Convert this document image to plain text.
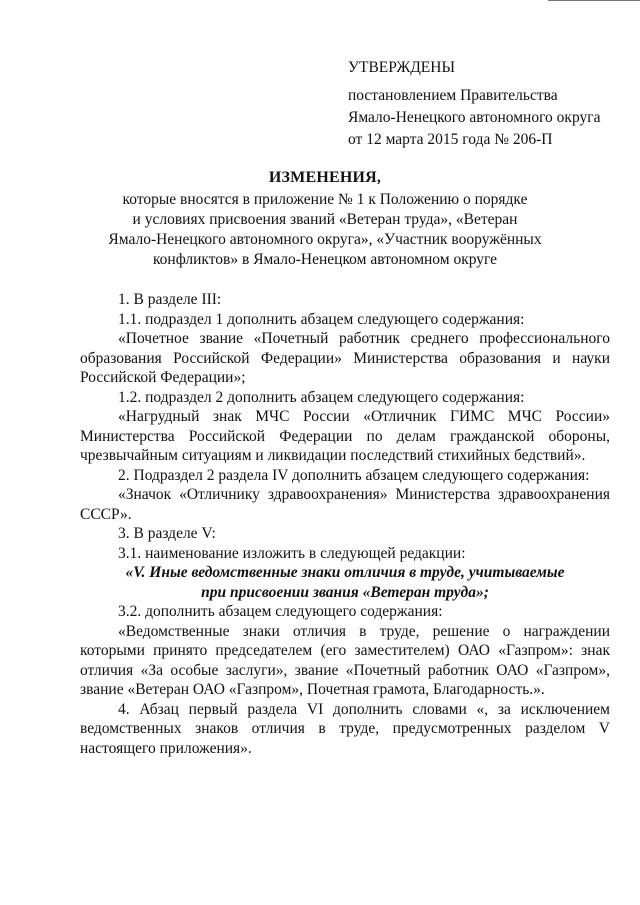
УТВЕРЖДЕНЫ
постановлением Правительства
Ямало-Ненецкого автономного округа
от 12 марта 2015 года № 206-П
ИЗМЕНЕНИЯ,
которые вносятся в приложение № 1 к Положению о порядке
и условиях присвоения званий «Ветеран труда», «Ветеран
Ямало-Ненецкого автономного округа», «Участник вооружённых
конфликтов» в Ямало-Ненецком автономном округе

1. В разделе III:

1.1. подраздел 1 дополнить абзацем следующего содержания:

«Почетное звание «Почетный работник среднего профессионального образования Российской Федерации» Министерства образования и науки Российской Федерации»;

1.2. подраздел 2 дополнить абзацем следующего содержания:

«Нагрудный знак МЧС России «Отличник ГИМС МЧС России» Министерства Российской Федерации по делам гражданской обороны, чрезвычайным ситуациям и ликвидации последствий стихийных бедствий».

2. Подраздел 2 раздела IV дополнить абзацем следующего содержания:

«Значок «Отличнику здравоохранения» Министерства здравоохранения СССР».

3. В разделе V:

3.1. наименование изложить в следующей редакции:

«V. Иные ведомственные знаки отличия в труде, учитываемые

при присвоении звания «Ветеран труда»;

3.2. дополнить абзацем следующего содержания:

«Ведомственные знаки отличия в труде, решение о награждении которыми принято председателем (его заместителем) ОАО «Газпром»: знак отличия «За особые заслуги», звание «Почетный работник ОАО «Газпром», звание «Ветеран ОАО «Газпром», Почетная грамота, Благодарность.».

4. Абзац первый раздела VI дополнить словами «, за исключением ведомственных знаков отличия в труде, предусмотренных разделом V настоящего приложения».
